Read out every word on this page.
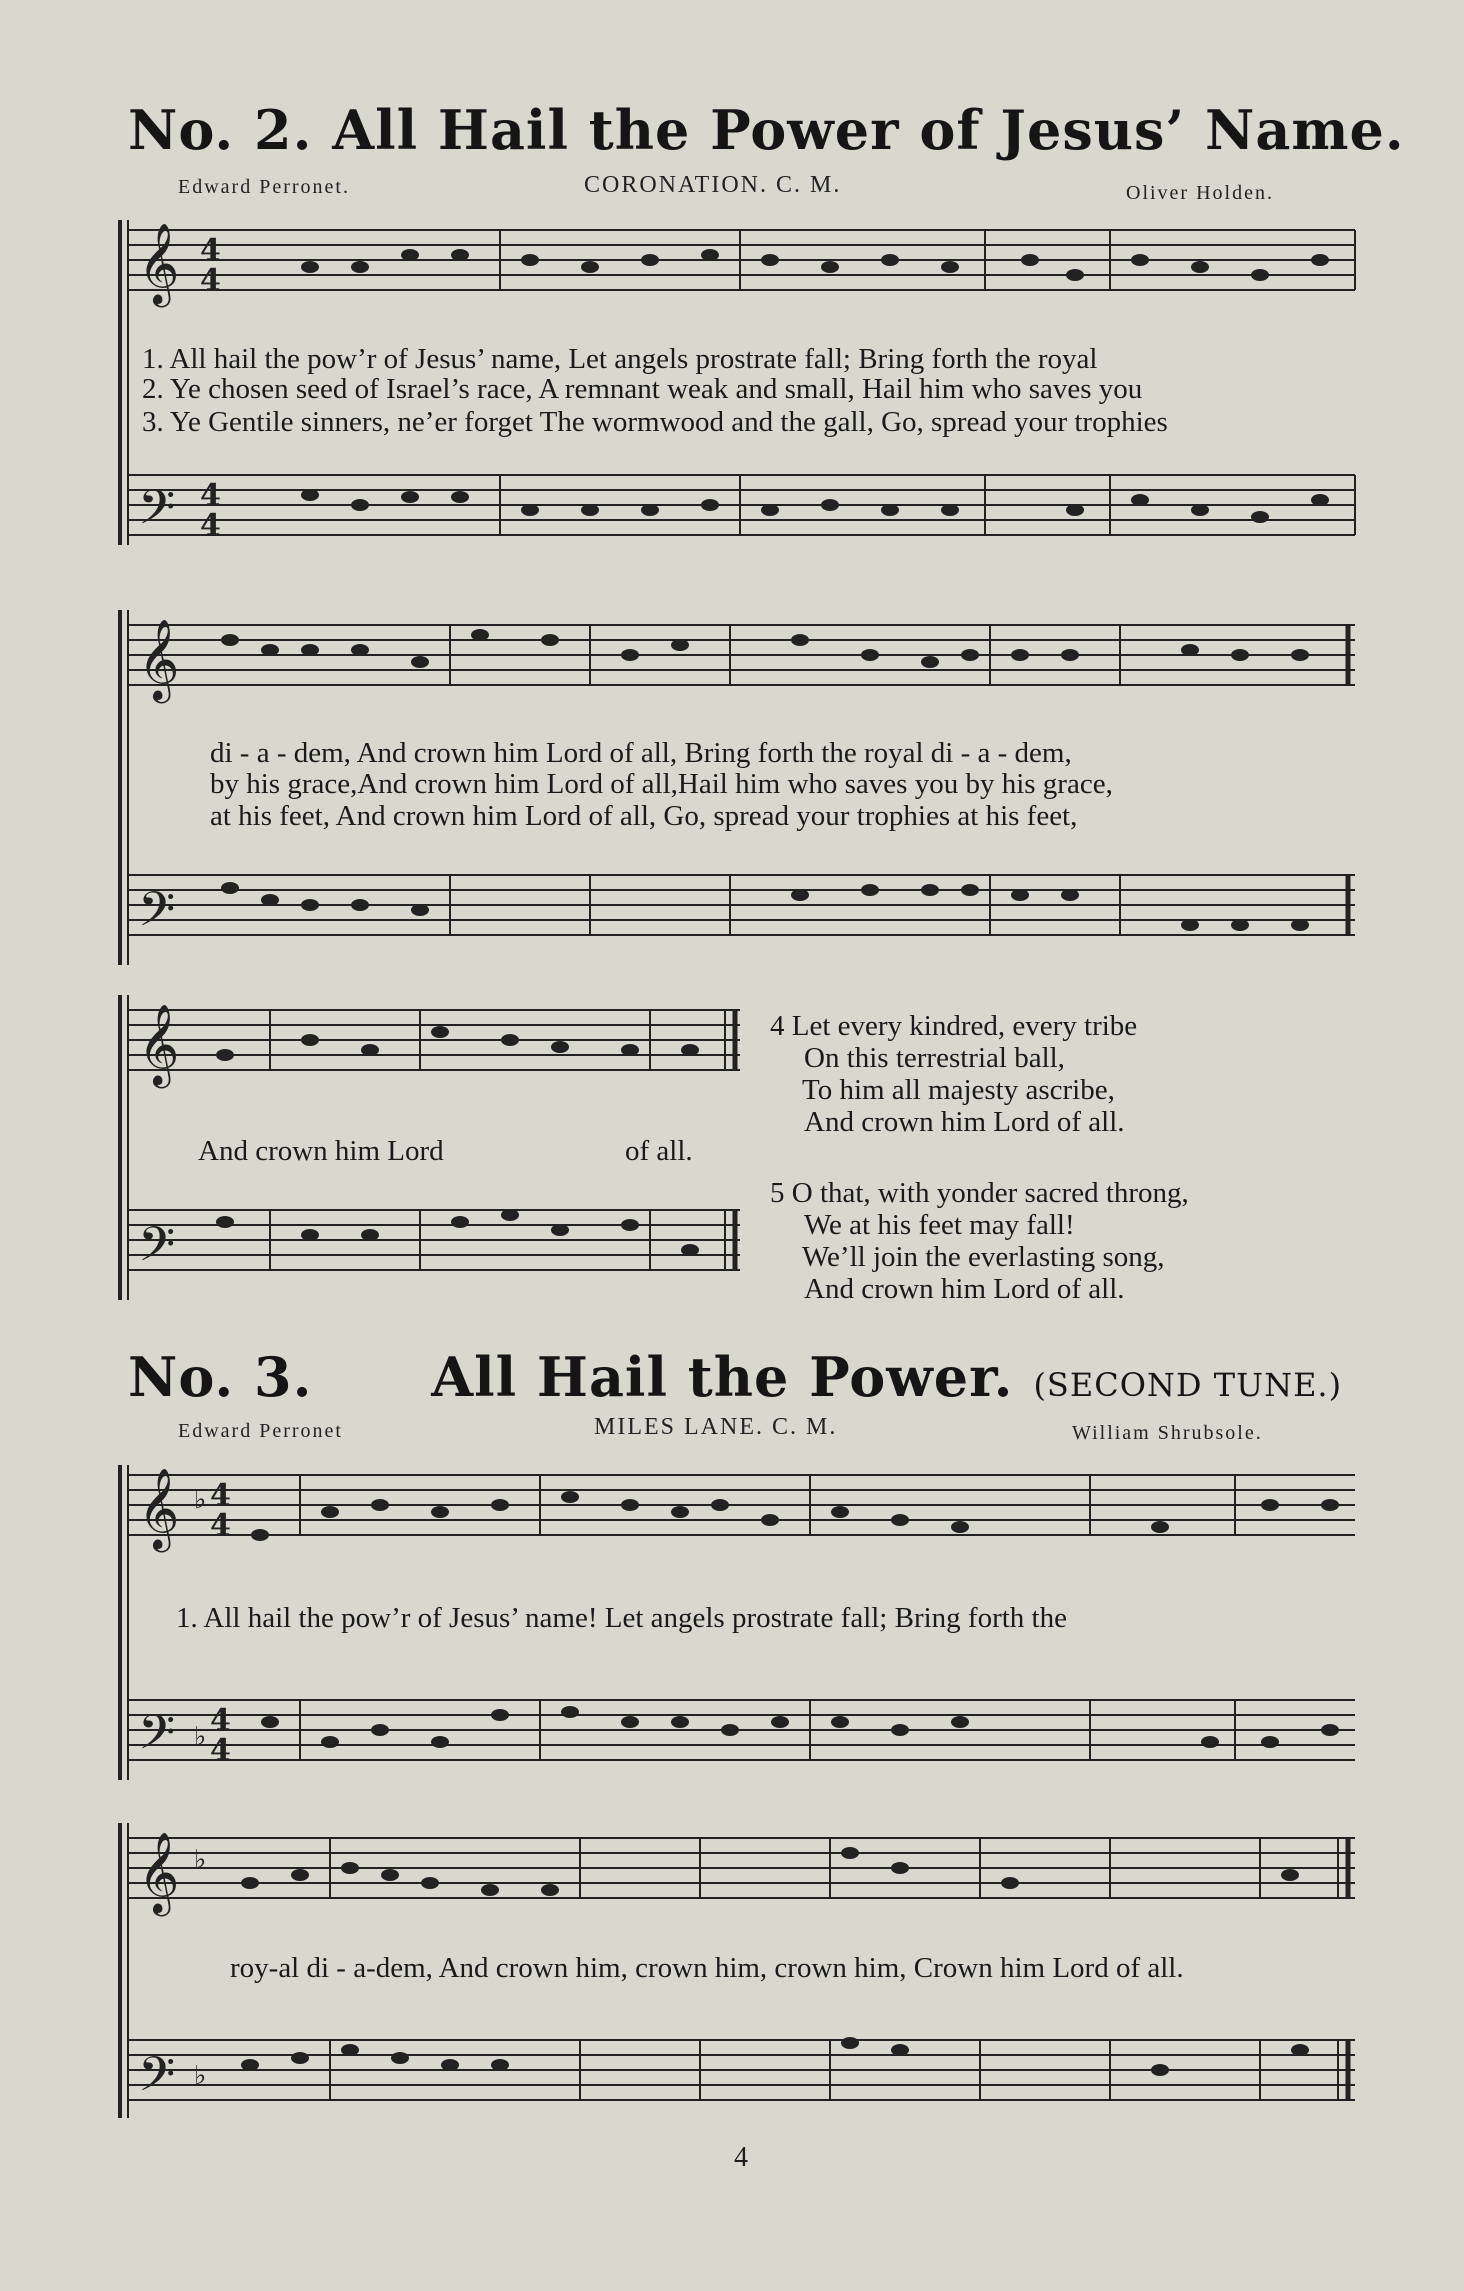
No. 2. All Hail the Power of Jesus’ Name.
Edward Perronet.	CORONATION. C. M.	Oliver Holden.
𝄞 4
4
𝄢 4
4
1. All hail the pow’r of Jesus’ name, Let angels prostrate fall; Bring forth the royal
2. Ye chosen seed of Israel’s race, A remnant weak and small, Hail him who saves you
3. Ye Gentile sinners, ne’er forget The wormwood and the gall, Go, spread your trophies
𝄞
𝄢
di - a - dem, And crown him Lord of all, Bring forth the royal di - a - dem,
by his grace,And crown him Lord of all,Hail him who saves you by his grace,
at his feet, And crown him Lord of all, Go, spread your trophies at his feet,
𝄞
𝄢
And crown him Lord	of all.
4 Let every kindred, every tribe
On this terrestrial ball,
To him all majesty ascribe,
And crown him Lord of all.
5 O that, with yonder sacred throng,
We at his feet may fall!
We’ll join the everlasting song,
And crown him Lord of all.
No. 3.      All Hail the Power. (SECOND TUNE.)
Edward Perronet	MILES LANE. C. M.	William Shrubsole.
𝄞 ♭ 4
4
𝄢 ♭ 4
4
1. All hail the pow’r of Jesus’ name! Let angels prostrate fall; Bring forth the
𝄞 ♭
𝄢 ♭
roy-al di - a-dem, And crown him, crown him, crown him, Crown him Lord of all.
4
